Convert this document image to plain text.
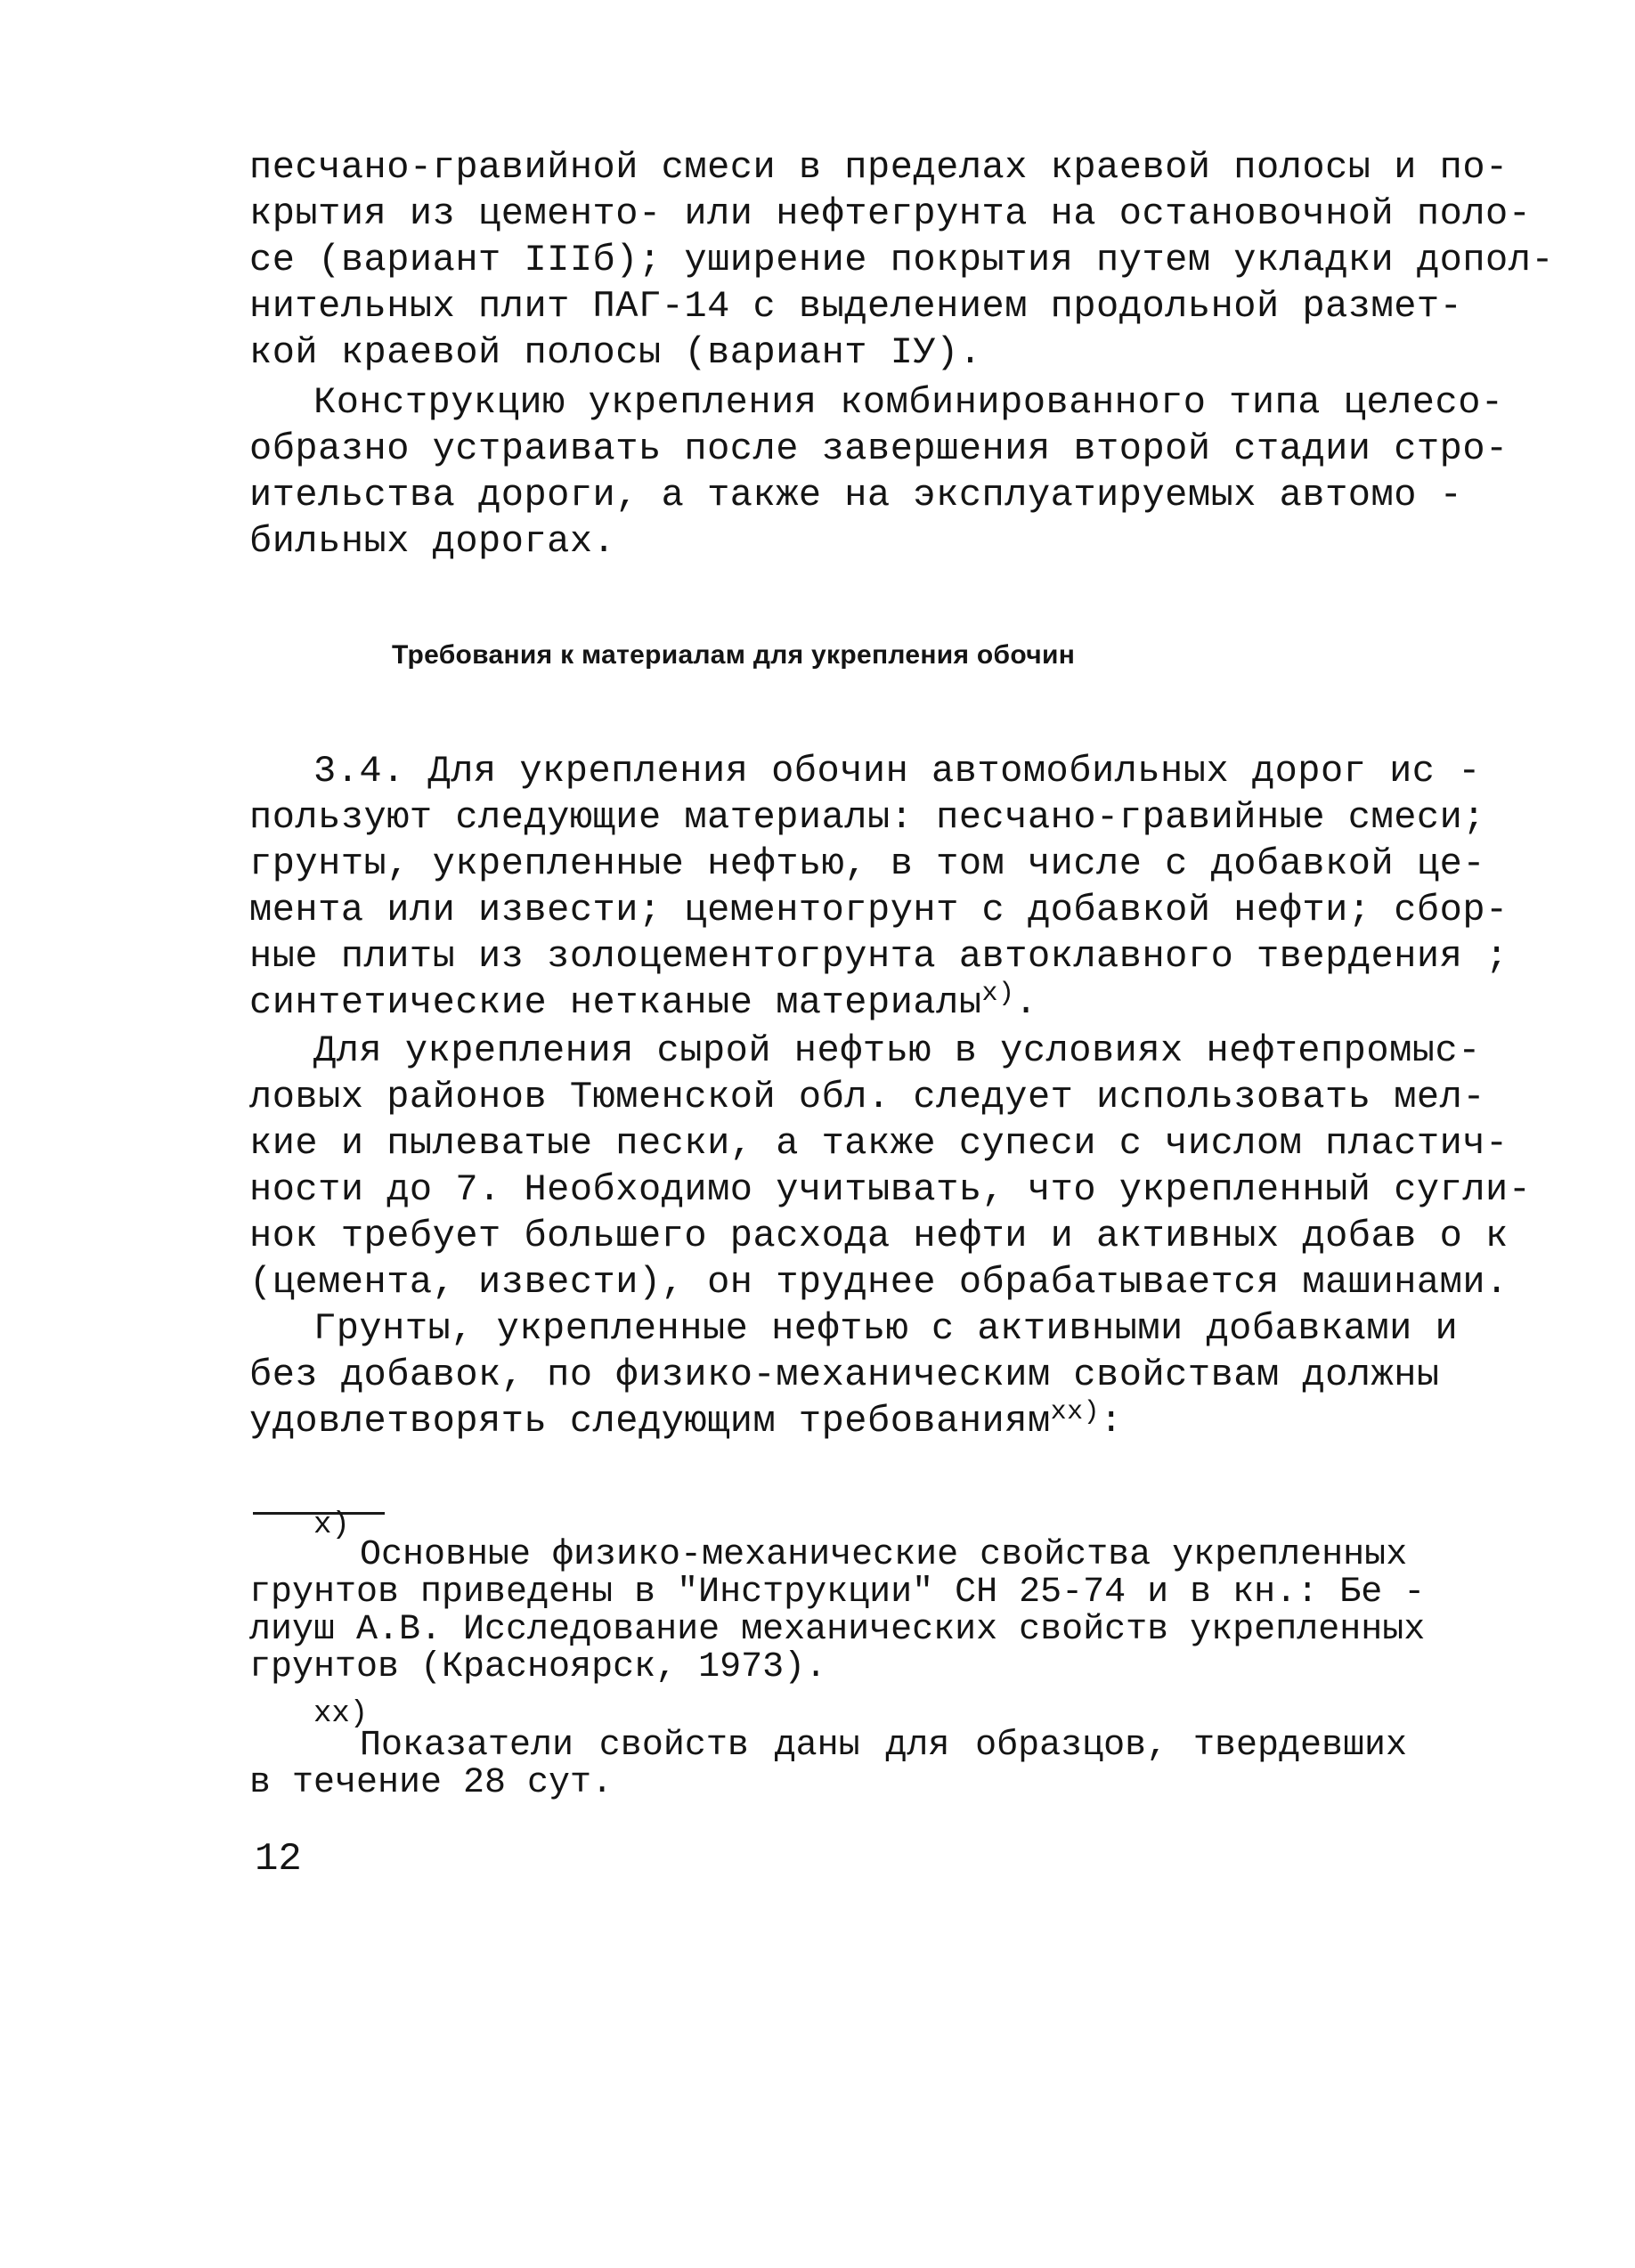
песчано-гравийной смеси в пределах краевой полосы и по-
крытия из цементо- или нефтегрунта на остановочной поло-
се (вариант IIIб); уширение покрытия путем укладки допол-
нительных плит ПАГ-14 с выделением продольной размет-
кой краевой полосы (вариант IУ).
Конструкцию укрепления комбинированного типа целесо-
образно устраивать после завершения второй стадии стро-
ительства дороги, а также на эксплуатируемых автомо -
бильных дорогах.
Требования к материалам для укрепления обочин
3.4. Для укрепления обочин автомобильных дорог ис -
пользуют следующие материалы: песчано-гравийные смеси;
грунты, укрепленные нефтью, в том числе с добавкой це-
мента или извести; цементогрунт с добавкой нефти; сбор-
ные плиты из золоцементогрунта автоклавного твердения ;
синтетические нетканые материалы$^{х)}$.
Для укрепления сырой нефтью в условиях нефтепромыс-
ловых районов Тюменской обл. следует использовать мел-
кие и пылеватые пески, а также супеси с числом пластич-
ности до 7. Необходимо учитывать, что укрепленный сугли-
нок требует большего расхода нефти и активных добав о к
(цемента, извести), он труднее обрабатывается машинами.
Грунты, укрепленные нефтью с активными добавками и
без добавок, по физико-механическим свойствам должны
удовлетворять следующим требованиям$^{хх)}$:
х)
Основные физико-механические свойства укрепленных
грунтов приведены в "Инструкции" СН 25-74 и в кн.: Бе -
лиуш А.В. Исследование механических свойств укрепленных
грунтов (Красноярск, 1973).
хх)
Показатели свойств даны для образцов, твердевших
в течение 28 сут.
12
